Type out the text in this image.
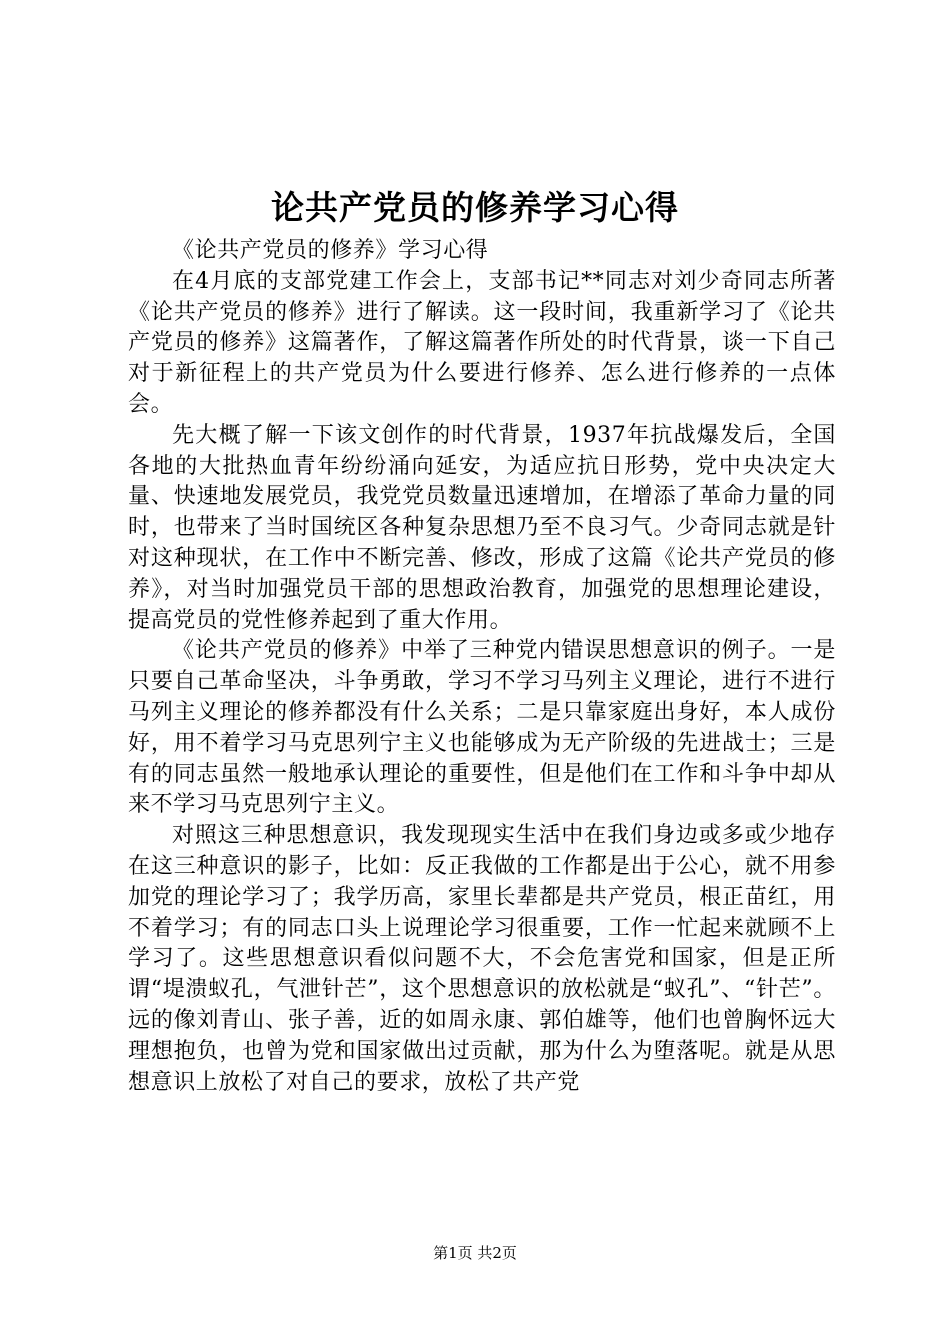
论共产党员的修养学习心得

《论共产党员的修养》学习心得

在4月底的支部党建工作会上，支部书记**同志对刘少奇同志所著《论共产党员的修养》进行了解读。这一段时间，我重新学习了《论共产党员的修养》这篇著作，了解这篇著作所处的时代背景，谈一下自己对于新征程上的共产党员为什么要进行修养、怎么进行修养的一点体会。

先大概了解一下该文创作的时代背景，1937年抗战爆发后，全国各地的大批热血青年纷纷涌向延安，为适应抗日形势，党中央决定大量、快速地发展党员，我党党员数量迅速增加，在增添了革命力量的同时，也带来了当时国统区各种复杂思想乃至不良习气。少奇同志就是针对这种现状，在工作中不断完善、修改，形成了这篇《论共产党员的修养》，对当时加强党员干部的思想政治教育，加强党的思想理论建设，提高党员的党性修养起到了重大作用。

《论共产党员的修养》中举了三种党内错误思想意识的例子。一是只要自己革命坚决，斗争勇敢，学习不学习马列主义理论，进行不进行马列主义理论的修养都没有什么关系；二是只靠家庭出身好，本人成份好，用不着学习马克思列宁主义也能够成为无产阶级的先进战士；三是有的同志虽然一般地承认理论的重要性，但是他们在工作和斗争中却从来不学习马克思列宁主义。

对照这三种思想意识，我发现现实生活中在我们身边或多或少地存在这三种意识的影子，比如：反正我做的工作都是出于公心，就不用参加党的理论学习了；我学历高，家里长辈都是共产党员，根正苗红，用不着学习；有的同志口头上说理论学习很重要，工作一忙起来就顾不上学习了。这些思想意识看似问题不大，不会危害党和国家，但是正所谓“堤溃蚁孔，气泄针芒”，这个思想意识的放松就是“蚁孔”、“针芒”。远的像刘青山、张子善，近的如周永康、郭伯雄等，他们也曾胸怀远大理想抱负，也曾为党和国家做出过贡献，那为什么为堕落呢。就是从思想意识上放松了对自己的要求，放松了共产党

第1页 共2页
